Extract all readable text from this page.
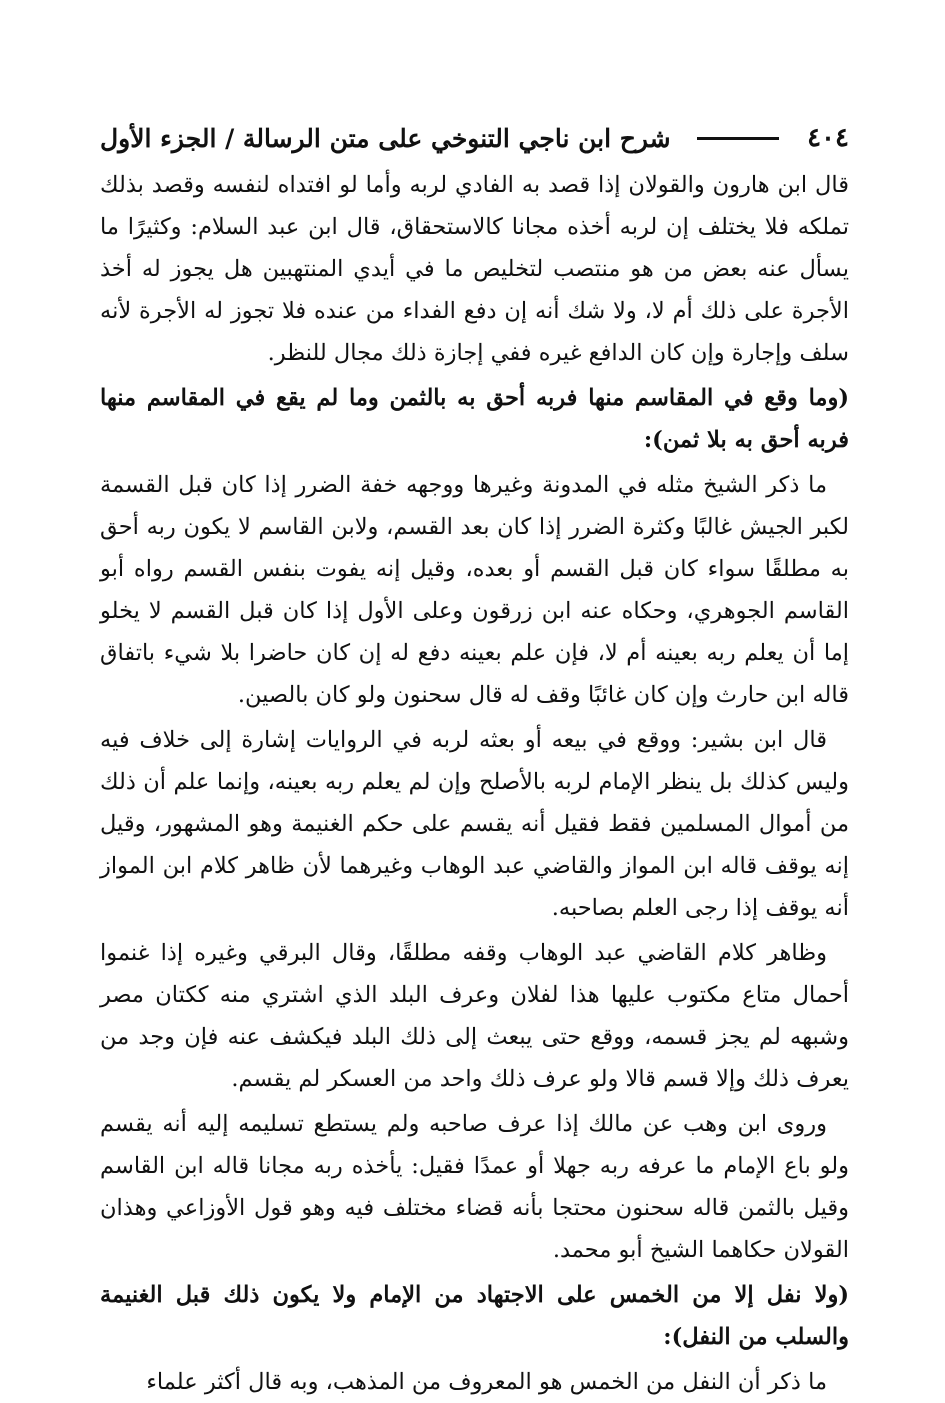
٤٠٤
شرح ابن ناجي التنوخي على متن الرسالة / الجزء الأول

قال ابن هارون والقولان إذا قصد به الفادي لربه وأما لو افتداه لنفسه وقصد بذلك تملكه فلا يختلف إن لربه أخذه مجانا كالاستحقاق، قال ابن عبد السلام: وكثيرًا ما يسأل عنه بعض من هو منتصب لتخليص ما في أيدي المنتهبين هل يجوز له أخذ الأجرة على ذلك أم لا، ولا شك أنه إن دفع الفداء من عنده فلا تجوز له الأجرة لأنه سلف وإجارة وإن كان الدافع غيره ففي إجازة ذلك مجال للنظر.

(وما وقع في المقاسم منها فربه أحق به بالثمن وما لم يقع في المقاسم منها فربه أحق به بلا ثمن):

ما ذكر الشيخ مثله في المدونة وغيرها ووجهه خفة الضرر إذا كان قبل القسمة لكبر الجيش غالبًا وكثرة الضرر إذا كان بعد القسم، ولابن القاسم لا يكون ربه أحق به مطلقًا سواء كان قبل القسم أو بعده، وقيل إنه يفوت بنفس القسم رواه أبو القاسم الجوهري، وحكاه عنه ابن زرقون وعلى الأول إذا كان قبل القسم لا يخلو إما أن يعلم ربه بعينه أم لا، فإن علم بعينه دفع له إن كان حاضرا بلا شيء باتفاق قاله ابن حارث وإن كان غائبًا وقف له قال سحنون ولو كان بالصين.

قال ابن بشير: ووقع في بيعه أو بعثه لربه في الروايات إشارة إلى خلاف فيه وليس كذلك بل ينظر الإمام لربه بالأصلح وإن لم يعلم ربه بعينه، وإنما علم أن ذلك من أموال المسلمين فقط فقيل أنه يقسم على حكم الغنيمة وهو المشهور، وقيل إنه يوقف قاله ابن المواز والقاضي عبد الوهاب وغيرهما لأن ظاهر كلام ابن المواز أنه يوقف إذا رجى العلم بصاحبه.

وظاهر كلام القاضي عبد الوهاب وقفه مطلقًا، وقال البرقي وغيره إذا غنموا أحمال متاع مكتوب عليها هذا لفلان وعرف البلد الذي اشتري منه ككتان مصر وشبهه لم يجز قسمه، ووقع حتى يبعث إلى ذلك البلد فيكشف عنه فإن وجد من يعرف ذلك وإلا قسم قالا ولو عرف ذلك واحد من العسكر لم يقسم.

وروى ابن وهب عن مالك إذا عرف صاحبه ولم يستطع تسليمه إليه أنه يقسم ولو باع الإمام ما عرفه ربه جهلا أو عمدًا فقيل: يأخذه ربه مجانا قاله ابن القاسم وقيل بالثمن قاله سحنون محتجا بأنه قضاء مختلف فيه وهو قول الأوزاعي وهذان القولان حكاهما الشيخ أبو محمد.

(ولا نفل إلا من الخمس على الاجتهاد من الإمام ولا يكون ذلك قبل الغنيمة والسلب من النفل):

ما ذكر أن النفل من الخمس هو المعروف من المذهب، وبه قال أكثر علماء
